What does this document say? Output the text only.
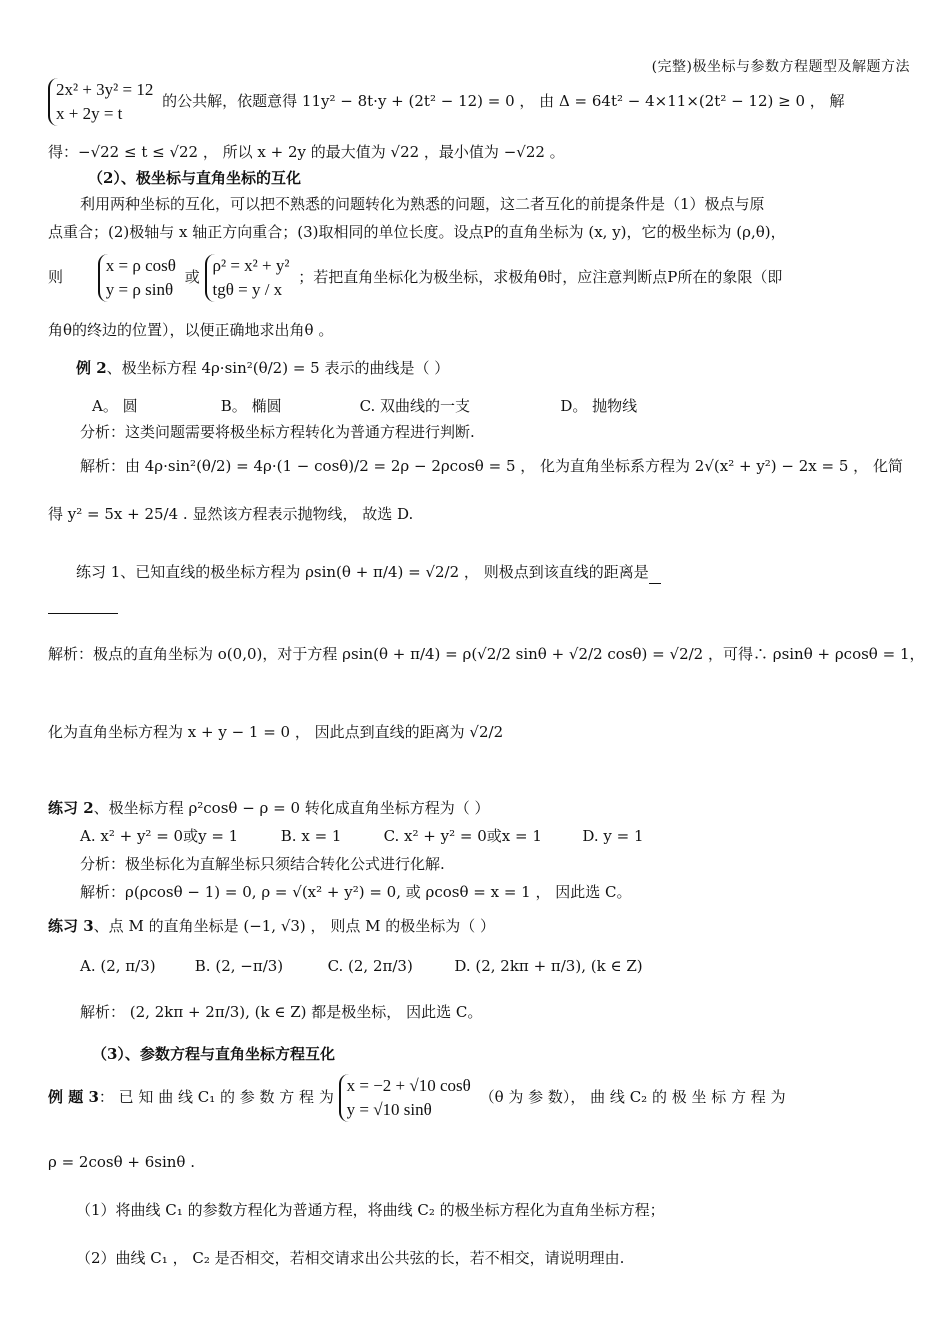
(完整)极坐标与参数方程题型及解题方法
2x² + 3y² = 12
x + 2y = t
的公共解，依题意得 11y² − 8t·y + (2t² − 12) = 0 ， 由 Δ = 64t² − 4×11×(2t² − 12) ≥ 0 ， 解
得：−√22 ≤ t ≤ √22 ， 所以 x + 2y 的最大值为 √22 ，最小值为 −√22 。
（2）、极坐标与直角坐标的互化
利用两种坐标的互化，可以把不熟悉的问题转化为熟悉的问题，这二者互化的前提条件是（1）极点与原
点重合；(2)极轴与 x 轴正方向重合；(3)取相同的单位长度。设点P的直角坐标为 (x, y)，它的极坐标为 (ρ,θ)，
则
x = ρ cosθ
y = ρ sinθ
或
ρ² = x² + y²
tgθ = y / x
；若把直角坐标化为极坐标，求极角θ时，应注意判断点P所在的象限（即
角θ的终边的位置），以便正确地求出角θ 。
例 2、极坐标方程 4ρ·sin²(θ/2) = 5 表示的曲线是（ ）
A。 圆	B。 椭圆	C. 双曲线的一支	D。 抛物线
分析：这类问题需要将极坐标方程转化为普通方程进行判断.
解析：由 4ρ·sin²(θ/2) = 4ρ·(1 − cosθ)/2 = 2ρ − 2ρcosθ = 5 ， 化为直角坐标系方程为 2√(x² + y²) − 2x = 5 ， 化简
得 y² = 5x + 25/4 . 显然该方程表示抛物线， 故选 D.
练习 1、已知直线的极坐标方程为 ρsin(θ + π/4) = √2/2 ， 则极点到该直线的距离是
解析：极点的直角坐标为 o(0,0)，对于方程 ρsin(θ + π/4) = ρ(√2/2 sinθ + √2/2 cosθ) = √2/2 ，可得∴ ρsinθ + ρcosθ = 1，
化为直角坐标方程为 x + y − 1 = 0 ， 因此点到直线的距离为 √2/2
练习 2、极坐标方程 ρ²cosθ − ρ = 0 转化成直角坐标方程为（ ）
A. x² + y² = 0或y = 1	B. x = 1	C. x² + y² = 0或x = 1	D. y = 1
分析：极坐标化为直解坐标只须结合转化公式进行化解.
解析：ρ(ρcosθ − 1) = 0, ρ = √(x² + y²) = 0, 或 ρcosθ = x = 1 ， 因此选 C。
练习 3、点 M 的直角坐标是 (−1, √3) ， 则点 M 的极坐标为（ ）
A. (2, π/3)	B. (2, −π/3)	C. (2, 2π/3)	D. (2, 2kπ + π/3), (k ∈ Z)
解析： (2, 2kπ + 2π/3), (k ∈ Z) 都是极坐标， 因此选 C。
（3）、参数方程与直角坐标方程互化
例 题 3： 已 知 曲 线 C₁ 的 参 数 方 程 为
x = −2 + √10 cosθ
y = √10 sinθ
（θ 为 参 数）， 曲 线 C₂ 的 极 坐 标 方 程 为
ρ = 2cosθ + 6sinθ .
（1）将曲线 C₁ 的参数方程化为普通方程，将曲线 C₂ 的极坐标方程化为直角坐标方程；
（2）曲线 C₁ ， C₂ 是否相交，若相交请求出公共弦的长，若不相交，请说明理由.
